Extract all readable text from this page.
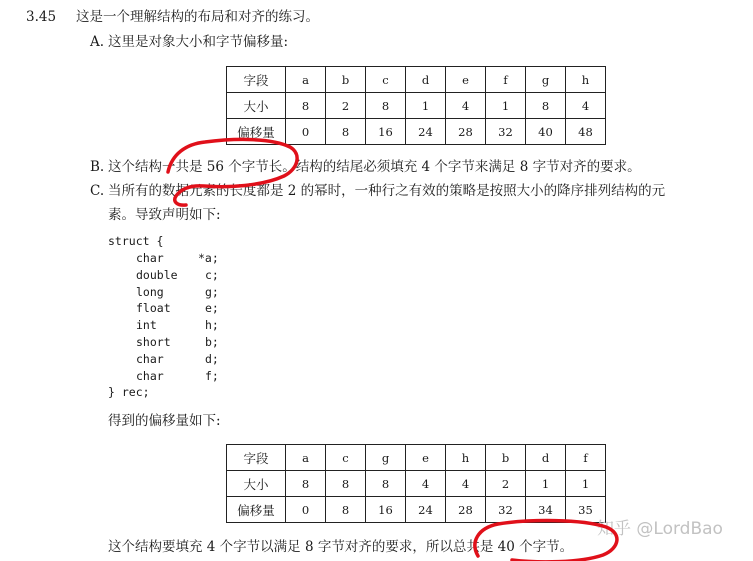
3.45 这是一个理解结构的布局和对齐的练习。
A. 这里是对象大小和字节偏移量:
字段	a	b	c	d	e	f	g	h
大小	8	2	8	1	4	1	8	4
偏移量	0	8	16	24	28	32	40	48
B. 这个结构一共是 56 个字节长。结构的结尾必须填充 4 个字节来满足 8 字节对齐的要求。
C. 当所有的数据元素的长度都是 2 的幂时，一种行之有效的策略是按照大小的降序排列结构的元
素。导致声明如下:
struct {
char	*a;
double c;
long	g;
float	e;
int	h;
short	b;
char	d;
char	f;
} rec;
得到的偏移量如下:
字段	a	c	g	e	h	b	d	f
大小	8	8	8	4	4	2	1	1
偏移量	0	8	16	24	28	32	34	35
这个结构要填充 4 个字节以满足 8 字节对齐的要求，所以总共是 40 个字节。
知乎 @LordBao
